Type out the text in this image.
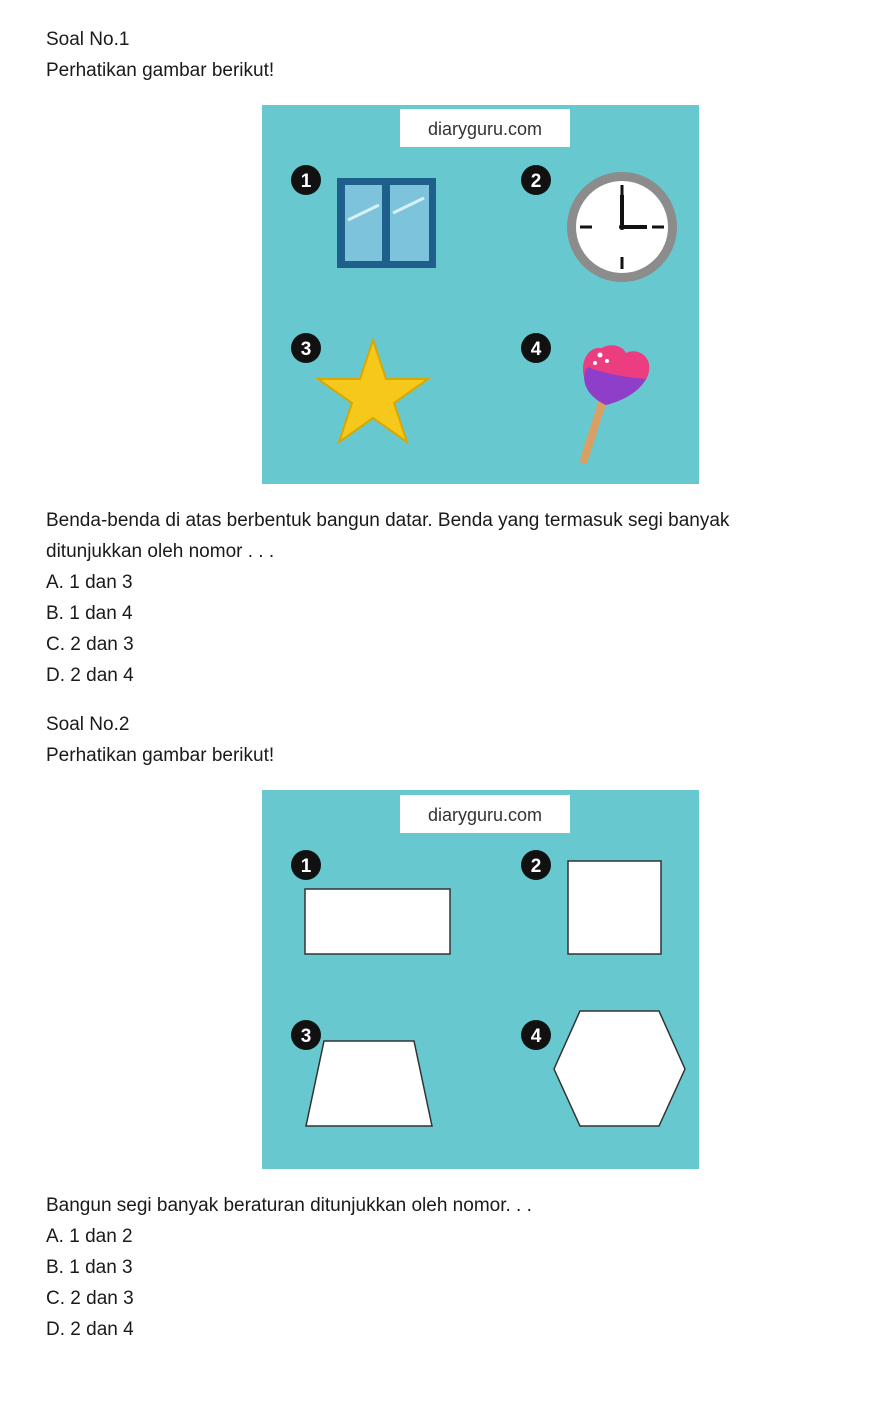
Soal No.1
Perhatikan gambar berikut!
diaryguru.com
1	2
3	4
Benda-benda di atas berbentuk bangun datar. Benda yang termasuk segi banyak
ditunjukkan oleh nomor . . .
A. 1 dan 3
B. 1 dan 4
C. 2 dan 3
D. 2 dan 4
Soal No.2
Perhatikan gambar berikut!
diaryguru.com
1	2
3	4
Bangun segi banyak beraturan ditunjukkan oleh nomor. . .
A. 1 dan 2
B. 1 dan 3
C. 2 dan 3
D. 2 dan 4
